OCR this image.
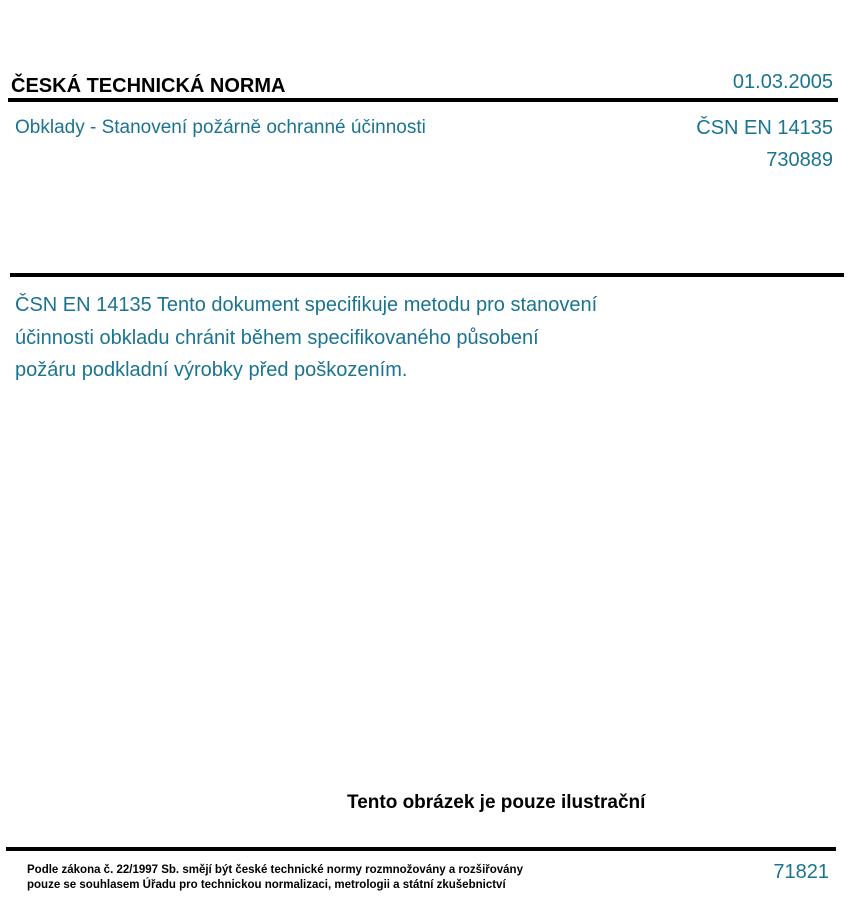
ČESKÁ TECHNICKÁ NORMA	01.03.2005
Obklady - Stanovení požárně ochranné účinnosti	ČSN EN 14135
730889
ČSN EN 14135 Tento dokument specifikuje metodu pro stanovení
účinnosti obkladu chránit během specifikovaného působení
požáru podkladní výrobky před poškozením.
Tento obrázek je pouze ilustrační
Podle zákona č. 22/1997 Sb. smějí být české technické normy rozmnožovány a rozšiřovány
pouze se souhlasem Úřadu pro technickou normalizaci, metrologii a státní zkušebnictví
71821
